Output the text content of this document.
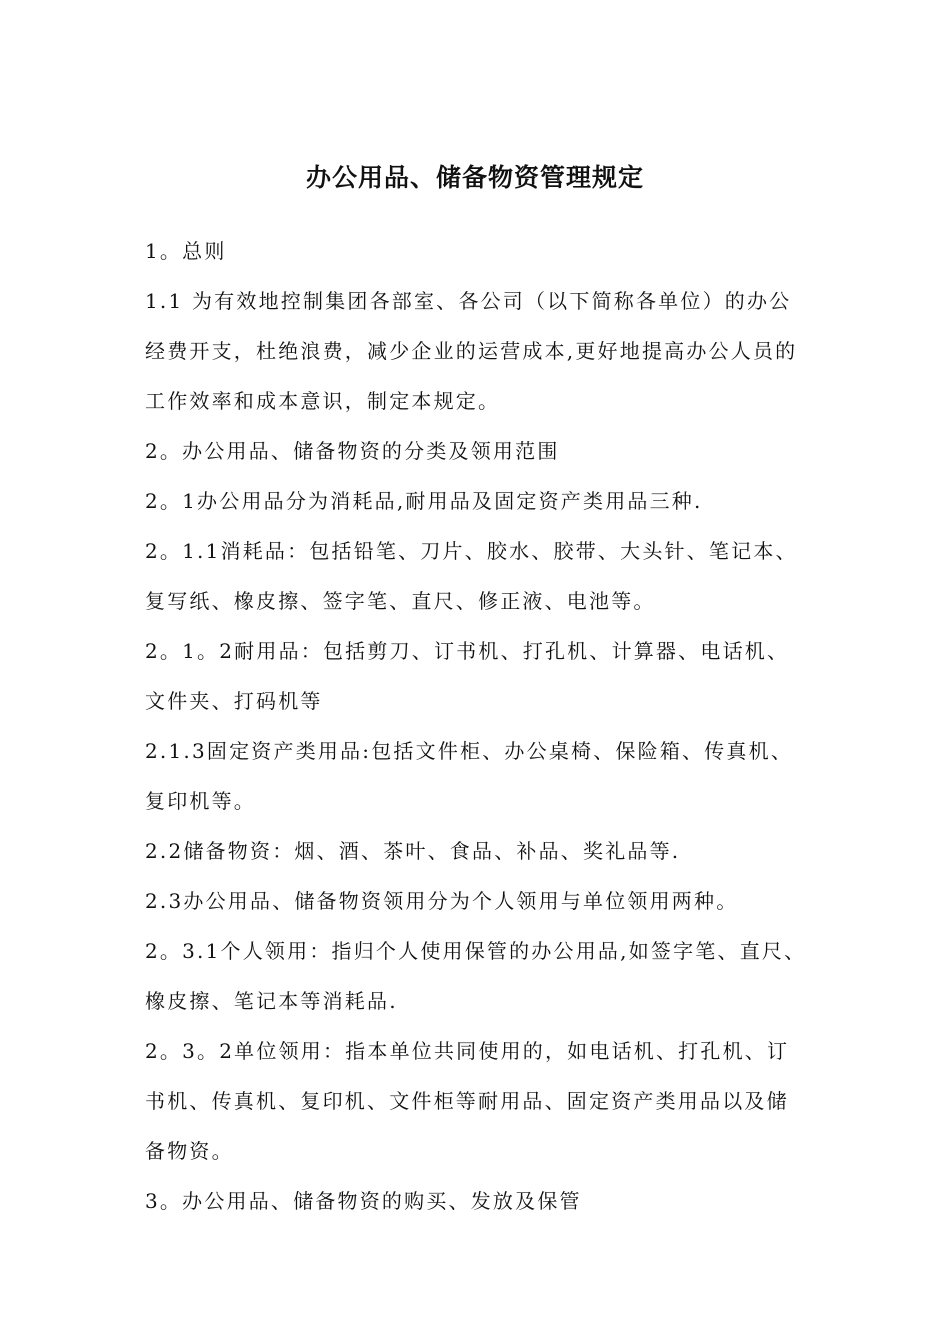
办公用品、储备物资管理规定
1。总则
1.1 为有效地控制集团各部室、各公司（以下简称各单位）的办公
经费开支，杜绝浪费，减少企业的运营成本,更好地提高办公人员的
工作效率和成本意识，制定本规定。
2。办公用品、储备物资的分类及领用范围
2。1办公用品分为消耗品,耐用品及固定资产类用品三种.
2。1.1消耗品：包括铅笔、刀片、胶水、胶带、大头针、笔记本、
复写纸、橡皮擦、签字笔、直尺、修正液、电池等。
2。1。2耐用品：包括剪刀、订书机、打孔机、计算器、电话机、
文件夹、打码机等
2.1.3固定资产类用品:包括文件柜、办公桌椅、保险箱、传真机、
复印机等。
2.2储备物资：烟、酒、茶叶、食品、补品、奖礼品等.
2.3办公用品、储备物资领用分为个人领用与单位领用两种。
2。3.1个人领用：指归个人使用保管的办公用品,如签字笔、直尺、
橡皮擦、笔记本等消耗品.
2。3。2单位领用：指本单位共同使用的，如电话机、打孔机、订
书机、传真机、复印机、文件柜等耐用品、固定资产类用品以及储
备物资。
3。办公用品、储备物资的购买、发放及保管
